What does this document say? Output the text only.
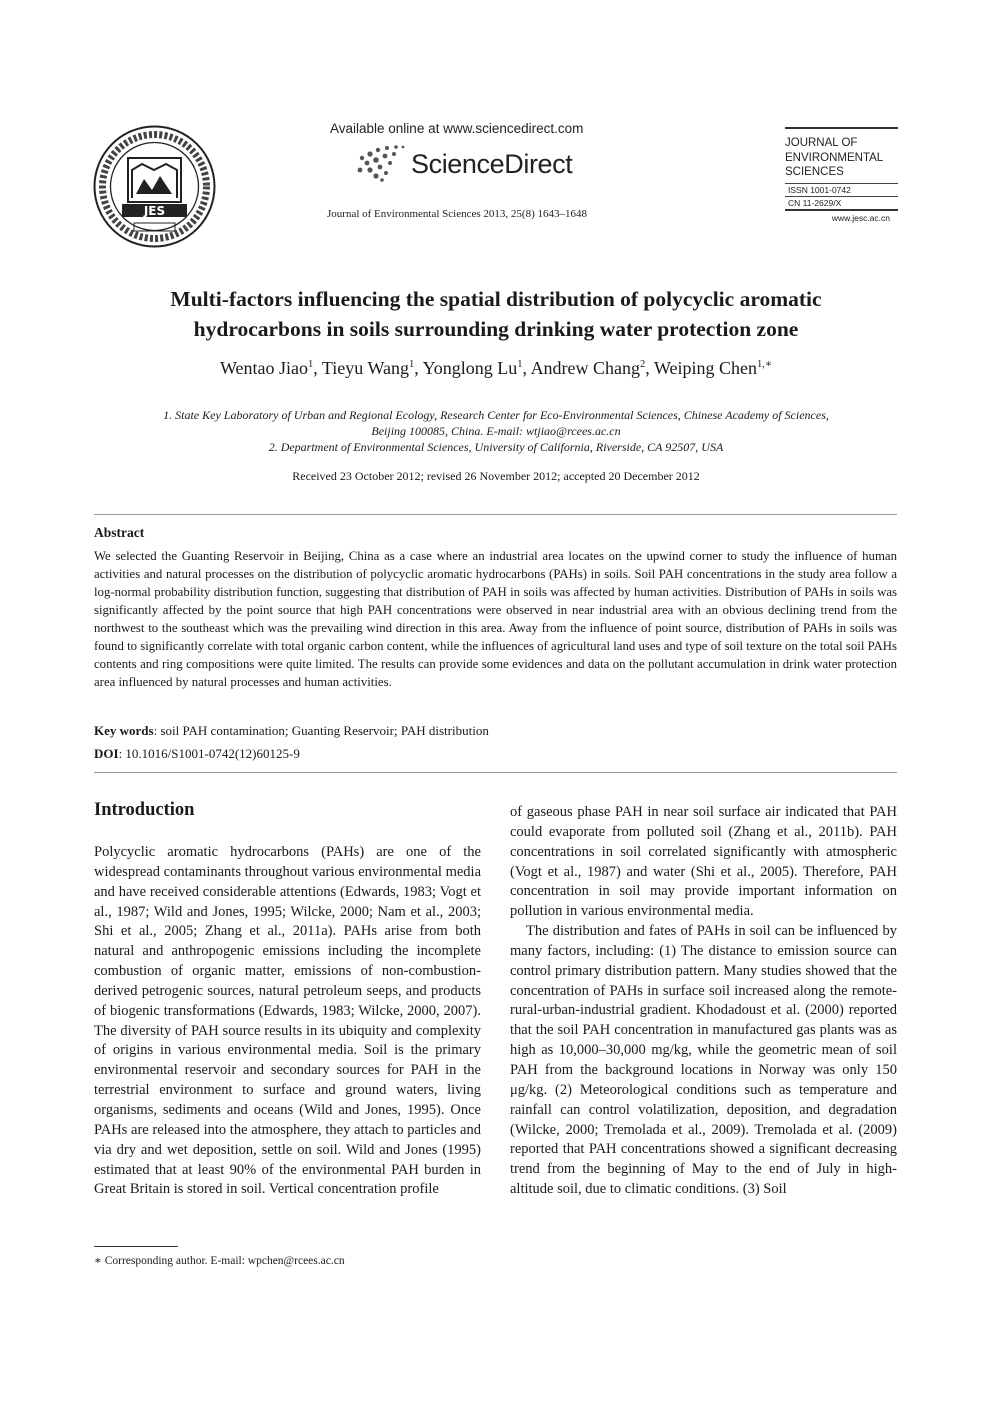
JES
Available online at www.sciencedirect.com
ScienceDirect
Journal of Environmental Sciences 2013, 25(8) 1643–1648
JOURNAL OF
ENVIRONMENTAL
SCIENCES
ISSN 1001-0742
CN 11-2629/X
www.jesc.ac.cn
Multi-factors influencing the spatial distribution of polycyclic aromatic
hydrocarbons in soils surrounding drinking water protection zone
Wentao Jiao$^1$, Tieyu Wang$^1$, Yonglong Lu$^1$, Andrew Chang$^2$, Weiping Chen$^{1,∗}$
1. State Key Laboratory of Urban and Regional Ecology, Research Center for Eco-Environmental Sciences, Chinese Academy of Sciences,
Beijing 100085, China. E-mail: wtjiao@rcees.ac.cn
2. Department of Environmental Sciences, University of California, Riverside, CA 92507, USA
Received 23 October 2012; revised 26 November 2012; accepted 20 December 2012
Abstract
We selected the Guanting Reservoir in Beijing, China as a case where an industrial area locates on the upwind corner to study the influence of human activities and natural processes on the distribution of polycyclic aromatic hydrocarbons (PAHs) in soils. Soil PAH concentrations in the study area follow a log-normal probability distribution function, suggesting that distribution of PAH in soils was affected by human activities. Distribution of PAHs in soils was significantly affected by the point source that high PAH concentrations were observed in near industrial area with an obvious declining trend from the northwest to the southeast which was the prevailing wind direction in this area. Away from the influence of point source, distribution of PAHs in soils was found to significantly correlate with total organic carbon content, while the influences of agricultural land uses and type of soil texture on the total soil PAHs contents and ring compositions were quite limited. The results can provide some evidences and data on the pollutant accumulation in drink water protection area influenced by natural processes and human activities.
Key words: soil PAH contamination; Guanting Reservoir; PAH distribution
DOI: 10.1016/S1001-0742(12)60125-9
Introduction

Polycyclic aromatic hydrocarbons (PAHs) are one of the widespread contaminants throughout various environmental media and have received considerable attentions (Edwards, 1983; Vogt et al., 1987; Wild and Jones, 1995; Wilcke, 2000; Nam et al., 2003; Shi et al., 2005; Zhang et al., 2011a). PAHs arise from both natural and anthropogenic emissions including the incomplete combustion of organic matter, emissions of non-combustion-derived petrogenic sources, natural petroleum seeps, and products of biogenic transformations (Edwards, 1983; Wilcke, 2000, 2007). The diversity of PAH source results in its ubiquity and complexity of origins in various environmental media. Soil is the primary environmental reservoir and secondary sources for PAH in the terrestrial environment to surface and ground waters, living organisms, sediments and oceans (Wild and Jones, 1995). Once PAHs are released into the atmosphere, they attach to particles and via dry and wet deposition, settle on soil. Wild and Jones (1995) estimated that at least 90% of the environmental PAH burden in Great Britain is stored in soil. Vertical concentration profile

of gaseous phase PAH in near soil surface air indicated that PAH could evaporate from polluted soil (Zhang et al., 2011b). PAH concentrations in soil correlated significantly with atmospheric (Vogt et al., 1987) and water (Shi et al., 2005). Therefore, PAH concentration in soil may provide important information on pollution in various environmental media.

The distribution and fates of PAHs in soil can be influenced by many factors, including: (1) The distance to emission source can control primary distribution pattern. Many studies showed that the concentration of PAHs in surface soil increased along the remote-rural-urban-industrial gradient. Khodadoust et al. (2000) reported that the soil PAH concentration in manufactured gas plants was as high as 10,000–30,000 mg/kg, while the geometric mean of soil PAH from the background locations in Norway was only 150 μg/kg. (2) Meteorological conditions such as temperature and rainfall can control volatilization, deposition, and degradation (Wilcke, 2000; Tremolada et al., 2009). Tremolada et al. (2009) reported that PAH concentrations showed a significant decreasing trend from the beginning of May to the end of July in high-altitude soil, due to climatic conditions. (3) Soil

∗ Corresponding author. E-mail: wpchen@rcees.ac.cn
